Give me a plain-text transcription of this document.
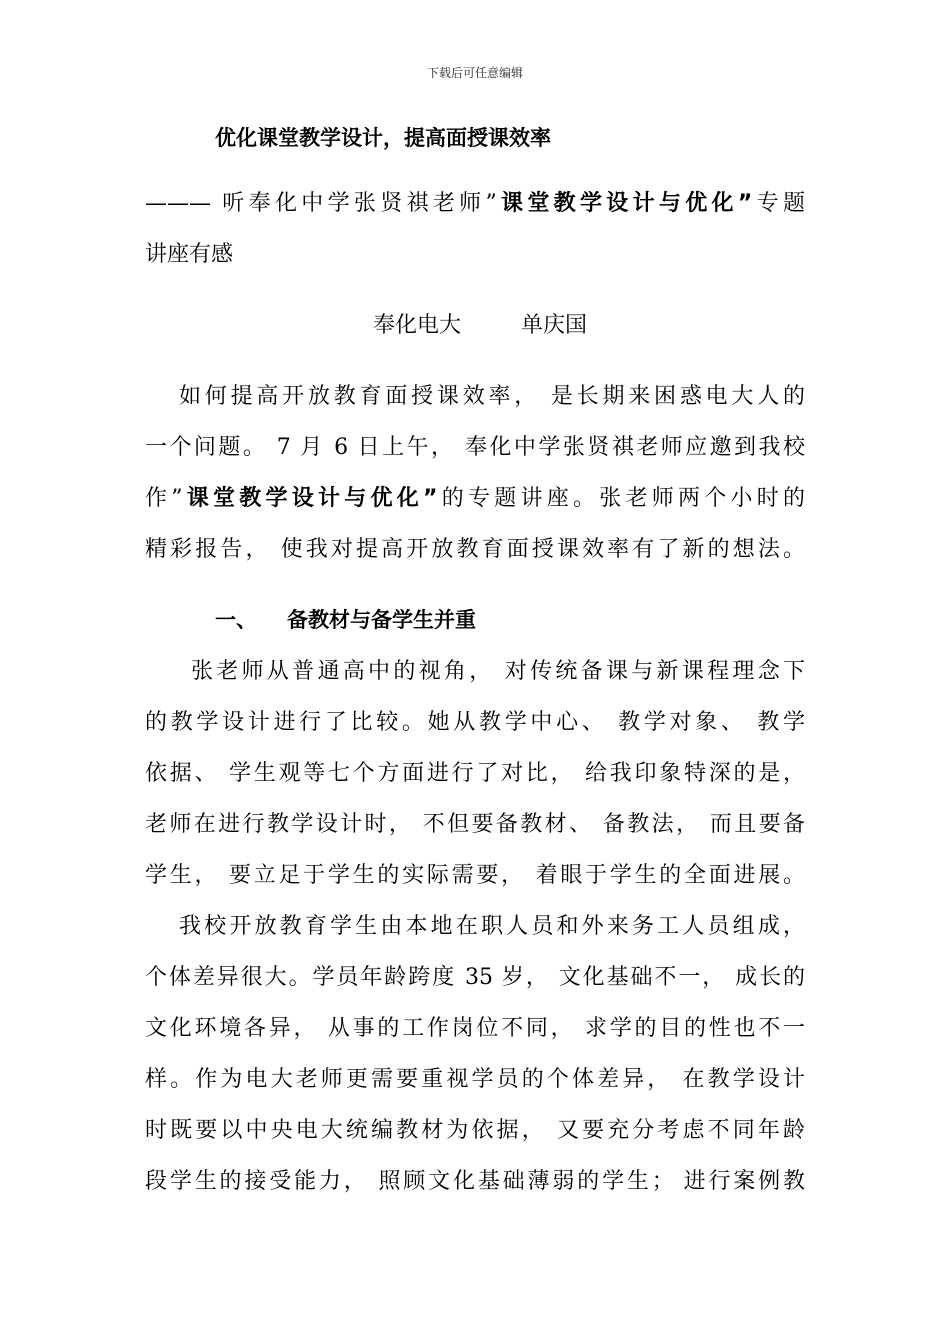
下载后可任意编辑
优化课堂教学设计，提高面授课效率
——— 听奉化中学张贤祺老师”课堂教学设计与优化”专题
讲座有感
奉化电大	单庆国
如何提高开放教育面授课效率， 是长期来困惑电大人的
一个问题。 7 月 6 日上午， 奉化中学张贤祺老师应邀到我校
作”课堂教学设计与优化”的专题讲座。张老师两个小时的
精彩报告， 使我对提高开放教育面授课效率有了新的想法。
一、 备教材与备学生并重
张老师从普通高中的视角， 对传统备课与新课程理念下
的教学设计进行了比较。她从教学中心、 教学对象、 教学
依据、 学生观等七个方面进行了对比， 给我印象特深的是，
老师在进行教学设计时， 不但要备教材、 备教法， 而且要备
学生， 要立足于学生的实际需要， 着眼于学生的全面进展。
我校开放教育学生由本地在职人员和外来务工人员组成，
个体差异很大。学员年龄跨度 35 岁， 文化基础不一， 成长的
文化环境各异， 从事的工作岗位不同， 求学的目的性也不一
样。作为电大老师更需要重视学员的个体差异， 在教学设计
时既要以中央电大统编教材为依据， 又要充分考虑不同年龄
段学生的接受能力， 照顾文化基础薄弱的学生； 进行案例教
